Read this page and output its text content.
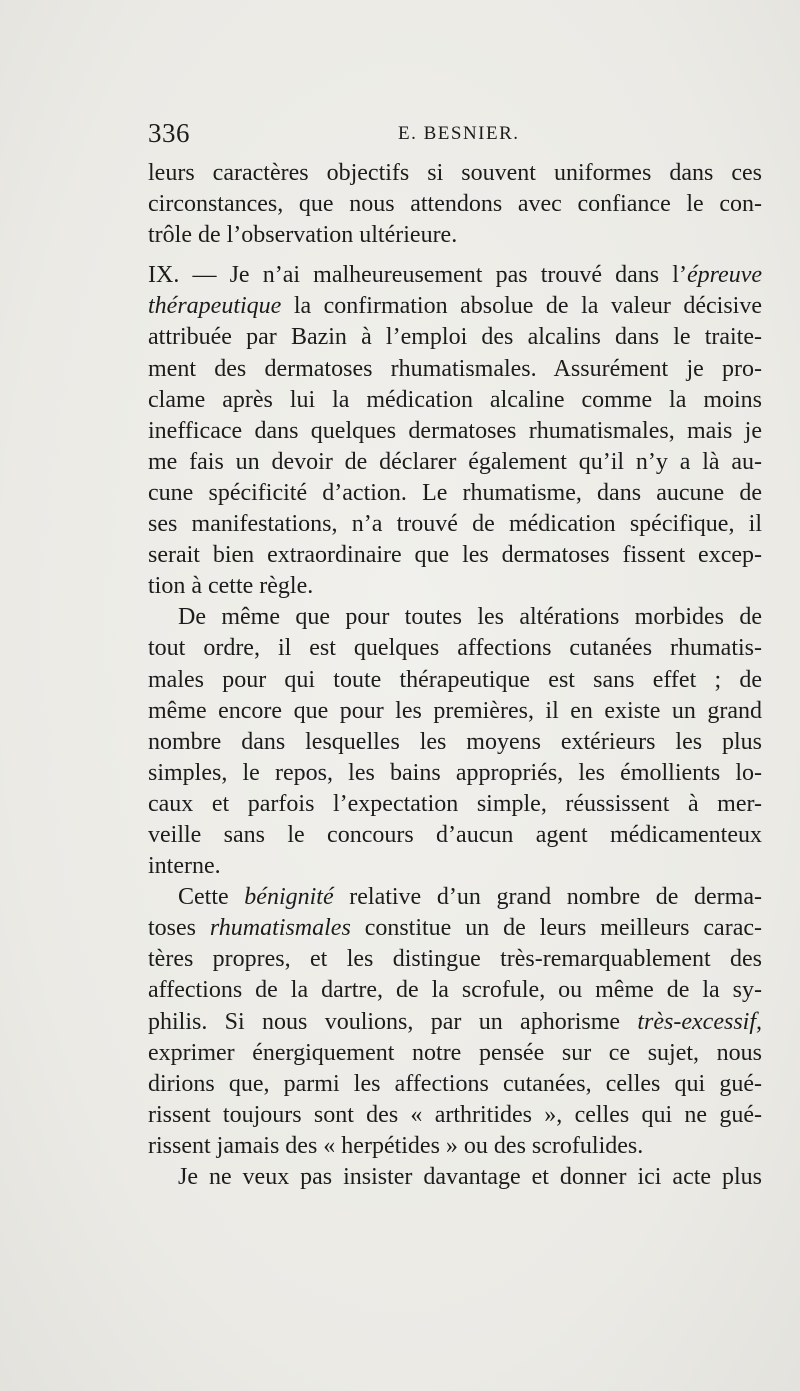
336	E. BESNIER.
leurs caractères objectifs si souvent uniformes dans ces
circonstances, que nous attendons avec confiance le con-
trôle de l’observation ultérieure.
IX. — Je n’ai malheureusement pas trouvé dans l’épreuve
thérapeutique la confirmation absolue de la valeur décisive
attribuée par Bazin à l’emploi des alcalins dans le traite-
ment des dermatoses rhumatismales. Assurément je pro-
clame après lui la médication alcaline comme la moins
inefficace dans quelques dermatoses rhumatismales, mais je
me fais un devoir de déclarer également qu’il n’y a là au-
cune spécificité d’action. Le rhumatisme, dans aucune de
ses manifestations, n’a trouvé de médication spécifique, il
serait bien extraordinaire que les dermatoses fissent excep-
tion à cette règle.
De même que pour toutes les altérations morbides de
tout ordre, il est quelques affections cutanées rhumatis-
males pour qui toute thérapeutique est sans effet ; de
même encore que pour les premières, il en existe un grand
nombre dans lesquelles les moyens extérieurs les plus
simples, le repos, les bains appropriés, les émollients lo-
caux et parfois l’expectation simple, réussissent à mer-
veille sans le concours d’aucun agent médicamenteux
interne.
Cette bénignité relative d’un grand nombre de derma-
toses rhumatismales constitue un de leurs meilleurs carac-
tères propres, et les distingue très-remarquablement des
affections de la dartre, de la scrofule, ou même de la sy-
philis. Si nous voulions, par un aphorisme très-excessif,
exprimer énergiquement notre pensée sur ce sujet, nous
dirions que, parmi les affections cutanées, celles qui gué-
rissent toujours sont des « arthritides », celles qui ne gué-
rissent jamais des « herpétides » ou des scrofulides.
Je ne veux pas insister davantage et donner ici acte plus
